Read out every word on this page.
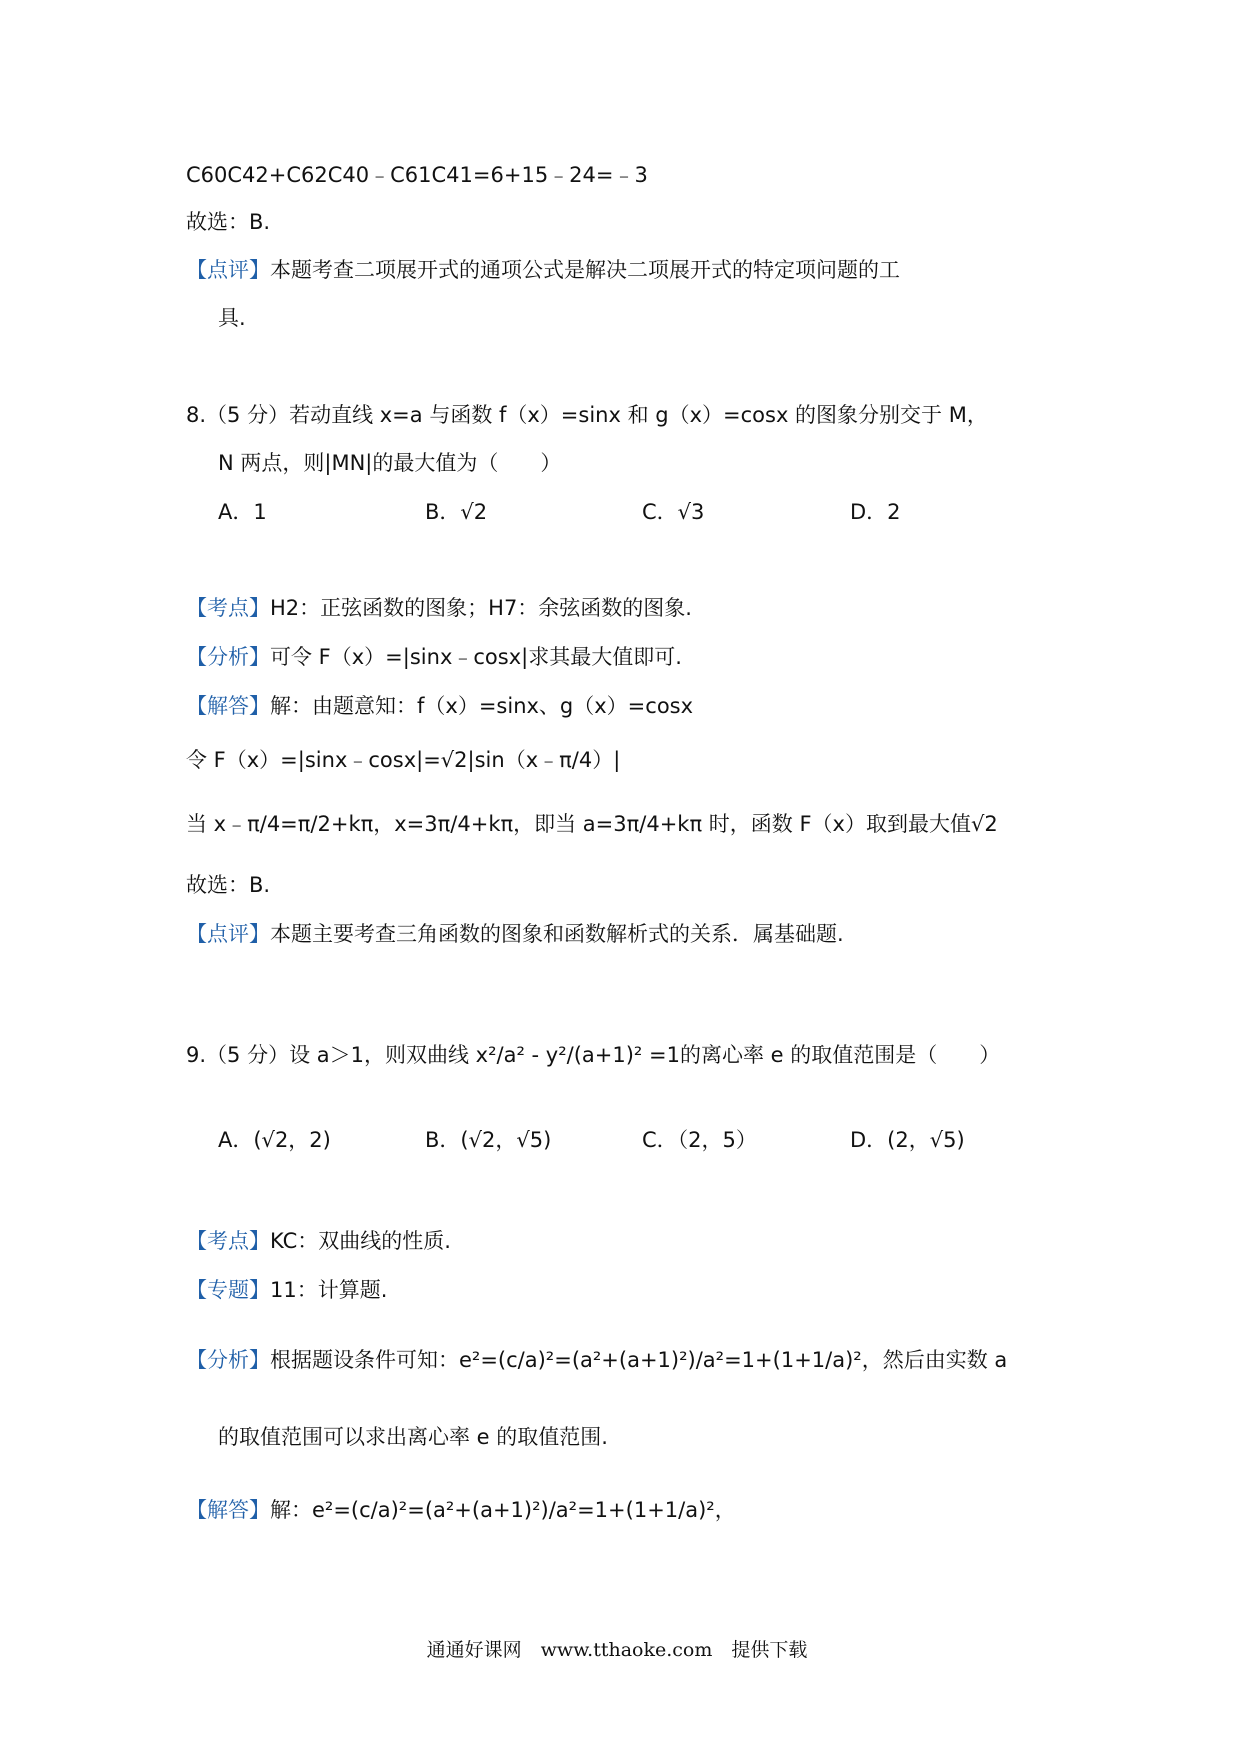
C60C42+C62C40﹣C61C41=6+15﹣24=﹣3
故选：B.
【点评】本题考查二项展开式的通项公式是解决二项展开式的特定项问题的工
具.
8.（5 分）若动直线 x=a 与函数 f（x）=sinx 和 g（x）=cosx 的图象分别交于 M，
N 两点，则|MN|的最大值为（　　）
A．1	B．√2	C．√3	D．2
【考点】H2：正弦函数的图象；H7：余弦函数的图象.
【分析】可令 F（x）=|sinx﹣cosx|求其最大值即可.
【解答】解：由题意知：f（x）=sinx、g（x）=cosx
令 F（x）=|sinx﹣cosx|=√2|sin（x﹣π/4）|
当 x﹣π/4=π/2+kπ，x=3π/4+kπ，即当 a=3π/4+kπ 时，函数 F（x）取到最大值√2
故选：B.
【点评】本题主要考查三角函数的图象和函数解析式的关系．属基础题.
9.（5 分）设 a＞1，则双曲线 x²/a² - y²/(a+1)² =1的离心率 e 的取值范围是（　　）
A．(√2，2)	B．(√2，√5)	C．（2，5）	D．(2，√5)
【考点】KC：双曲线的性质.
【专题】11：计算题.
【分析】根据题设条件可知：e²=(c/a)²=(a²+(a+1)²)/a²=1+(1+1/a)²，然后由实数 a
的取值范围可以求出离心率 e 的取值范围.
【解答】解：e²=(c/a)²=(a²+(a+1)²)/a²=1+(1+1/a)²，
通通好课网　www.tthaoke.com　提供下载
